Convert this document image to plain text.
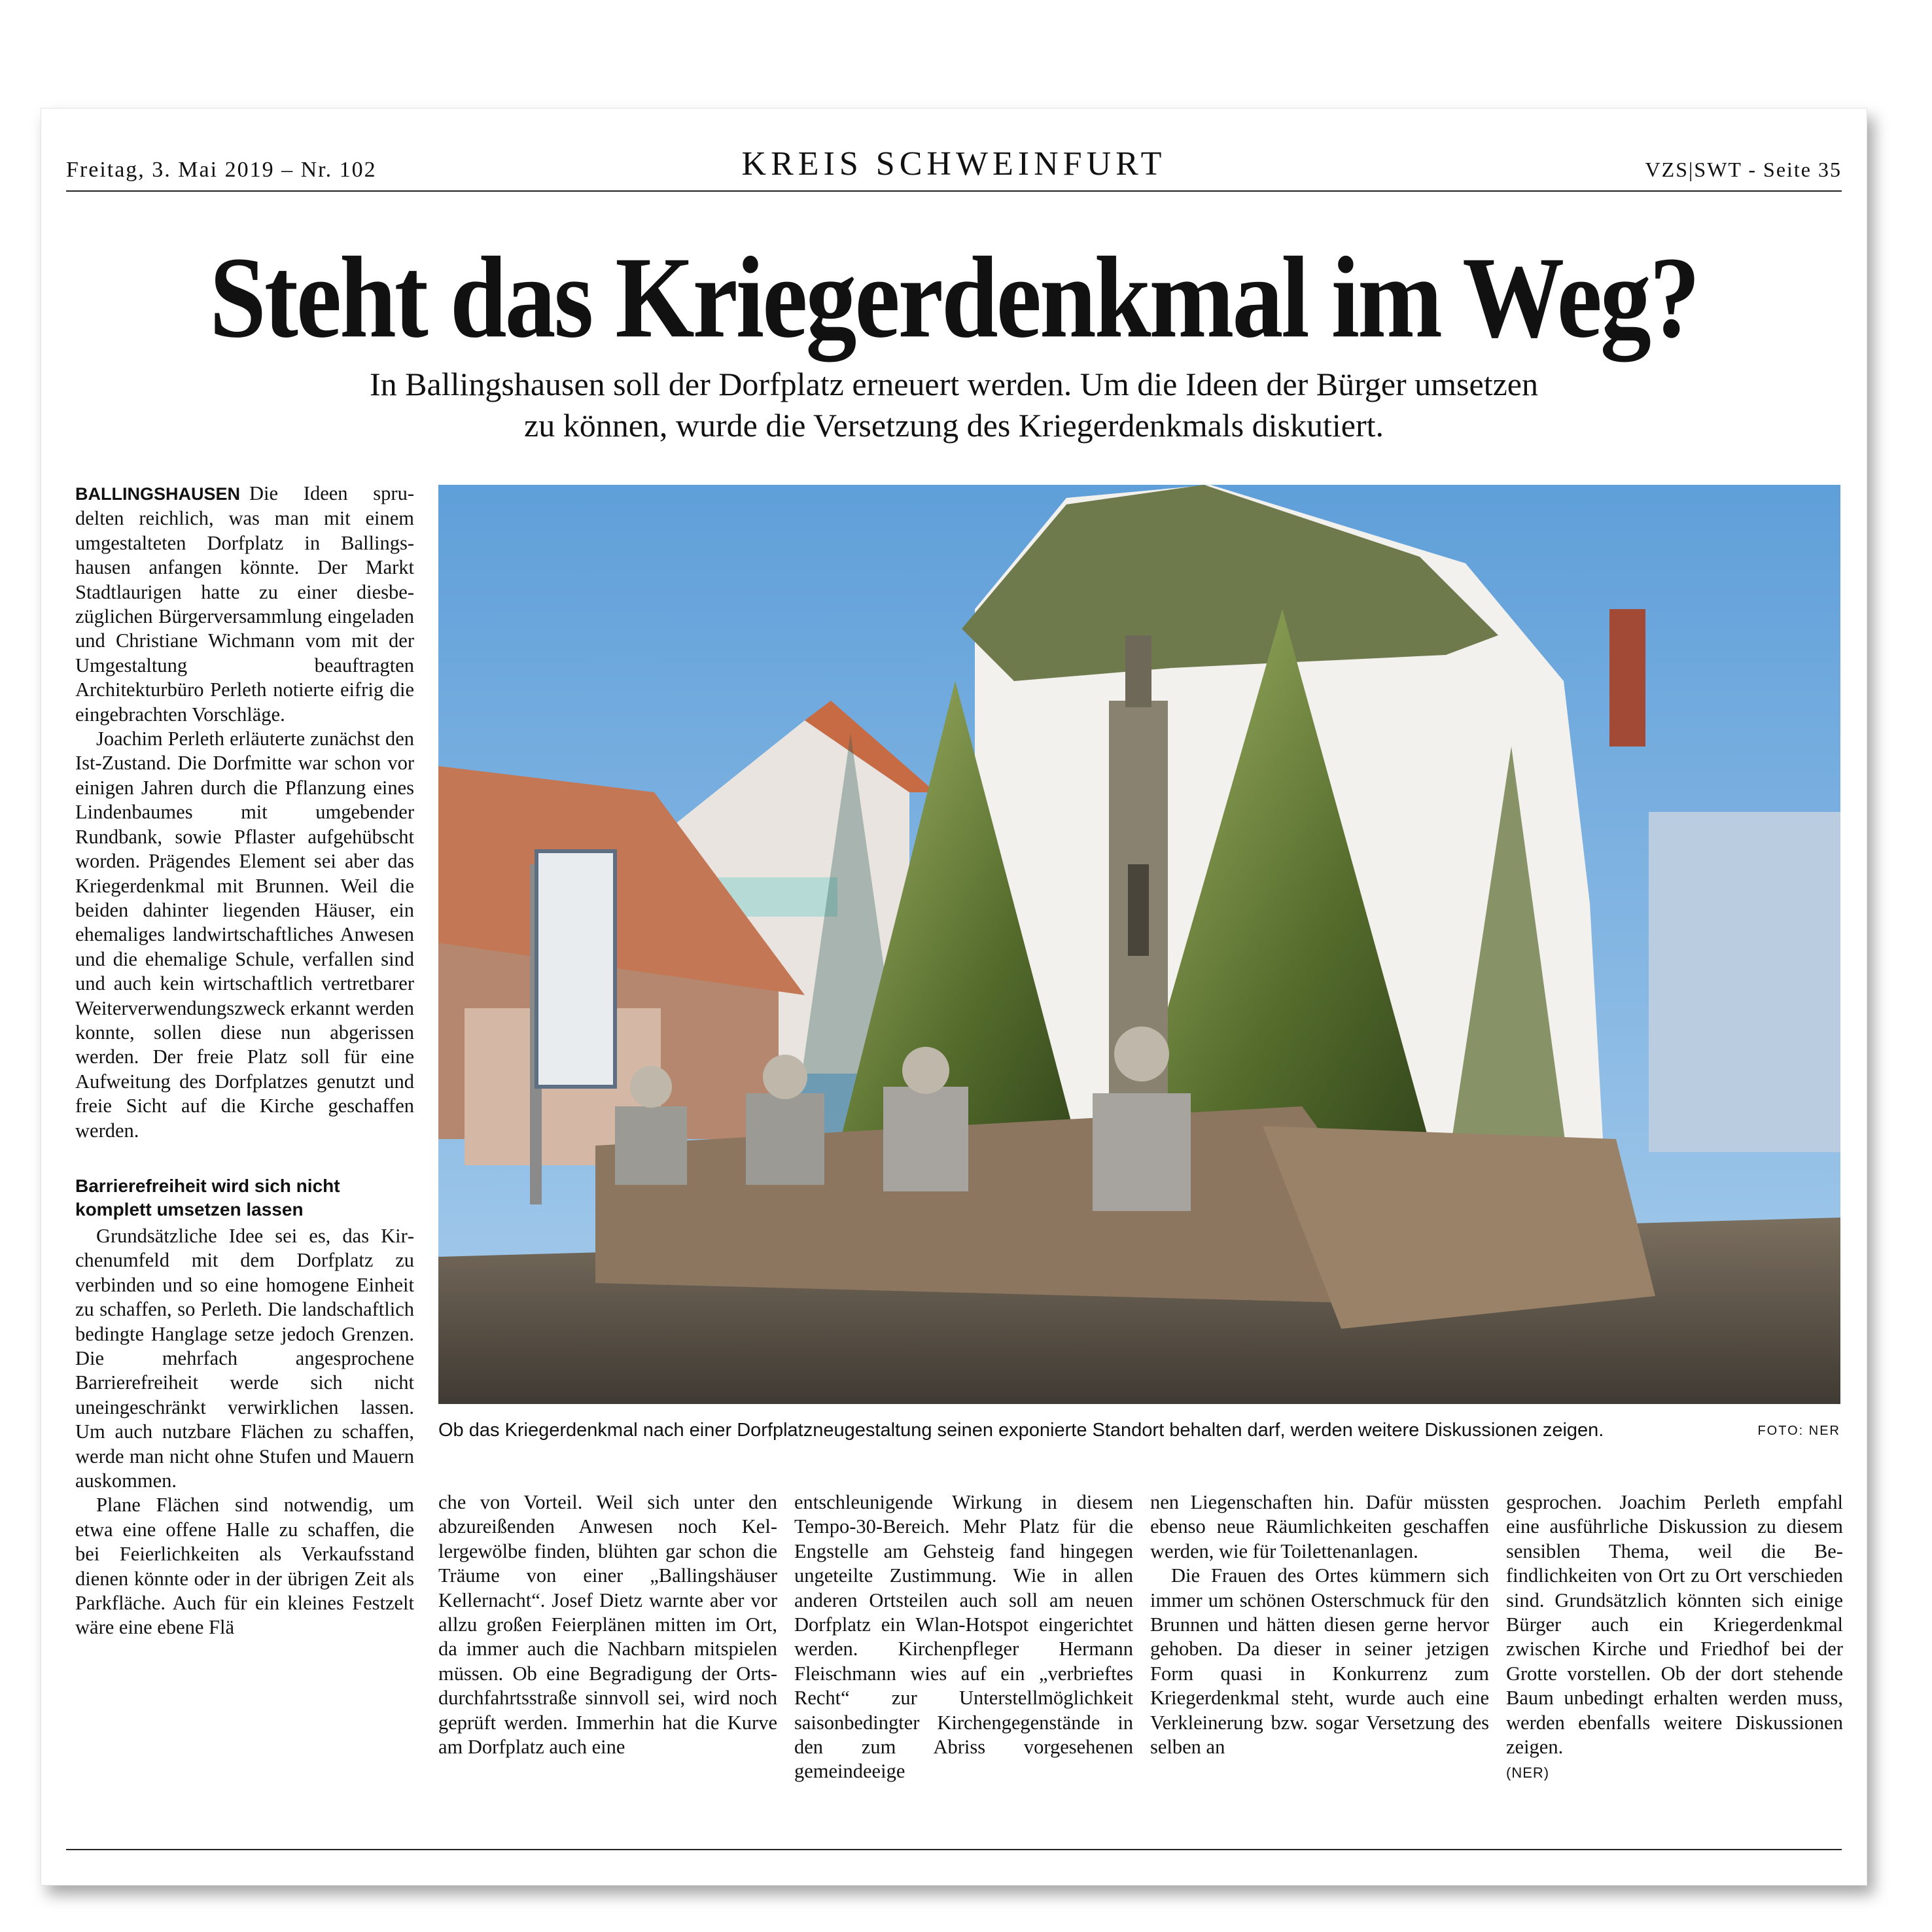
Freitag, 3. Mai 2019 – Nr. 102	KREIS SCHWEINFURT	VZS|SWT - Seite 35
Steht das Kriegerdenkmal im Weg?
In Ballingshausen soll der Dorfplatz erneuert werden. Um die Ideen der Bürger umsetzen
zu können, wurde die Versetzung des Kriegerdenkmals diskutiert.

BALLINGSHAUSEN Die Ideen sprudelten reichlich, was man mit einem umgestalteten Dorfplatz in Ballingshausen anfangen könnte. Der Markt Stadtlaurigen hatte zu einer diesbezüglichen Bürgerversammlung eingeladen und Christiane Wichmann vom mit der Umgestaltung beauftragten Architekturbüro Perleth notierte eifrig die eingebrachten Vorschläge.

Joachim Perleth erläuterte zunächst den Ist-Zustand. Die Dorfmitte war schon vor einigen Jahren durch die Pflanzung eines Lindenbaumes mit umgebender Rundbank, sowie Pflaster aufgehübscht worden. Prägendes Element sei aber das Kriegerdenkmal mit Brunnen. Weil die beiden dahinter liegenden Häuser, ein ehemaliges landwirtschaftliches Anwesen und die ehemalige Schule, verfallen sind und auch kein wirtschaftlich vertretbarer Weiterverwendungszweck erkannt werden konnte, sollen diese nun abgerissen werden. Der freie Platz soll für eine Aufweitung des Dorfplatzes genutzt und freie Sicht auf die Kirche geschaffen werden.

Barrierefreiheit wird sich nicht komplett umsetzen lassen

Grundsätzliche Idee sei es, das Kirchenumfeld mit dem Dorfplatz zu verbinden und so eine homogene Einheit zu schaffen, so Perleth. Die landschaftlich bedingte Hanglage setze jedoch Grenzen. Die mehrfach angesprochene Barrierefreiheit werde sich nicht uneingeschränkt verwirklichen lassen. Um auch nutzbare Flächen zu schaffen, werde man nicht ohne Stufen und Mauern auskommen.

Plane Flächen sind notwendig, um etwa eine offene Halle zu schaffen, die bei Feierlichkeiten als Verkaufsstand dienen könnte oder in der übrigen Zeit als Parkfläche. Auch für ein kleines Festzelt wäre eine ebene Flä

Ob das Kriegerdenkmal nach einer Dorfplatzneugestaltung seinen exponierte Standort behalten darf, werden weitere Diskussionen zeigen.	FOTO: NER

che von Vorteil. Weil sich unter den abzureißenden Anwesen noch Kellergewölbe finden, blühten gar schon die Träume von einer „Ballingshäuser Kellernacht“. Josef Dietz warnte aber vor allzu großen Feierplänen mitten im Ort, da immer auch die Nachbarn mitspielen müssen. Ob eine Begradigung der Ortsdurchfahrtsstraße sinnvoll sei, wird noch geprüft werden. Immerhin hat die Kurve am Dorfplatz auch eine

entschleunigende Wirkung in diesem Tempo-30-Bereich. Mehr Platz für die Engstelle am Gehsteig fand hingegen ungeteilte Zustimmung. Wie in allen anderen Ortsteilen auch soll am neuen Dorfplatz ein Wlan-Hotspot eingerichtet werden. Kirchenpfleger Hermann Fleischmann wies auf ein „verbrieftes Recht“ zur Unterstellmöglichkeit saisonbedingter Kirchengegenstände in den zum Abriss vorgesehenen gemeindeeige

nen Liegenschaften hin. Dafür müssten ebenso neue Räumlichkeiten geschaffen werden, wie für Toilettenanlagen.

Die Frauen des Ortes kümmern sich immer um schönen Osterschmuck für den Brunnen und hätten diesen gerne hervor gehoben. Da dieser in seiner jetzigen Form quasi in Konkurrenz zum Kriegerdenkmal steht, wurde auch eine Verkleinerung bzw. sogar Versetzung des selben an

gesprochen. Joachim Perleth empfahl eine ausführliche Diskussion zu diesem sensiblen Thema, weil die Befindlichkeiten von Ort zu Ort verschieden sind. Grundsätzlich könnten sich einige Bürger auch ein Kriegerdenkmal zwischen Kirche und Friedhof bei der Grotte vorstellen. Ob der dort stehende Baum unbedingt erhalten werden muss, werden ebenfalls weitere Diskussionen zeigen.
(NER)
